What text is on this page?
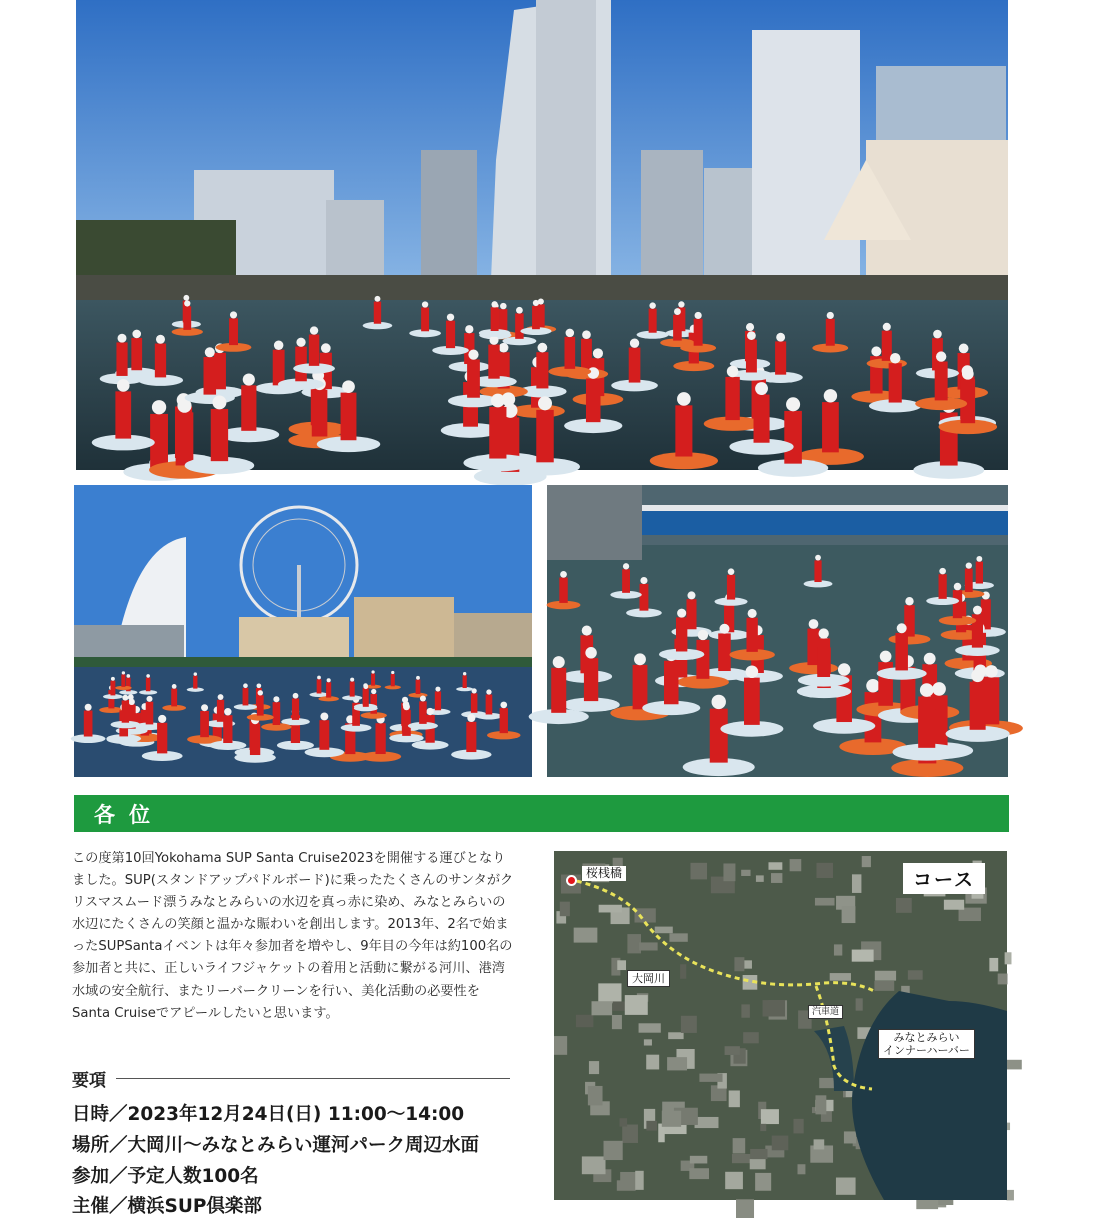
各位

この度第10回Yokohama SUP Santa Cruise2023を開催する運びとなりました。SUP(スタンドアップパドルボード)に乗ったたくさんのサンタがクリスマスムード漂うみなとみらいの水辺を真っ赤に染め、みなとみらいの水辺にたくさんの笑顔と温かな賑わいを創出します。2013年、2名で始まったSUPSantaイベントは年々参加者を増やし、9年目の今年は約100名の参加者と共に、正しいライフジャケットの着用と活動に繋がる河川、港湾水域の安全航行、またリーバークリーンを行い、美化活動の必要性をSanta Cruiseでアピールしたいと思います。

要項
日時／2023年12月24日(日) 11:00〜14:00
場所／大岡川〜みなとみらい運河パーク周辺水面
参加／予定人数100名
主催／横浜SUP倶楽部
桜桟橋	コース
大岡川
汽車道
みなとみらい
インナーハーバー
